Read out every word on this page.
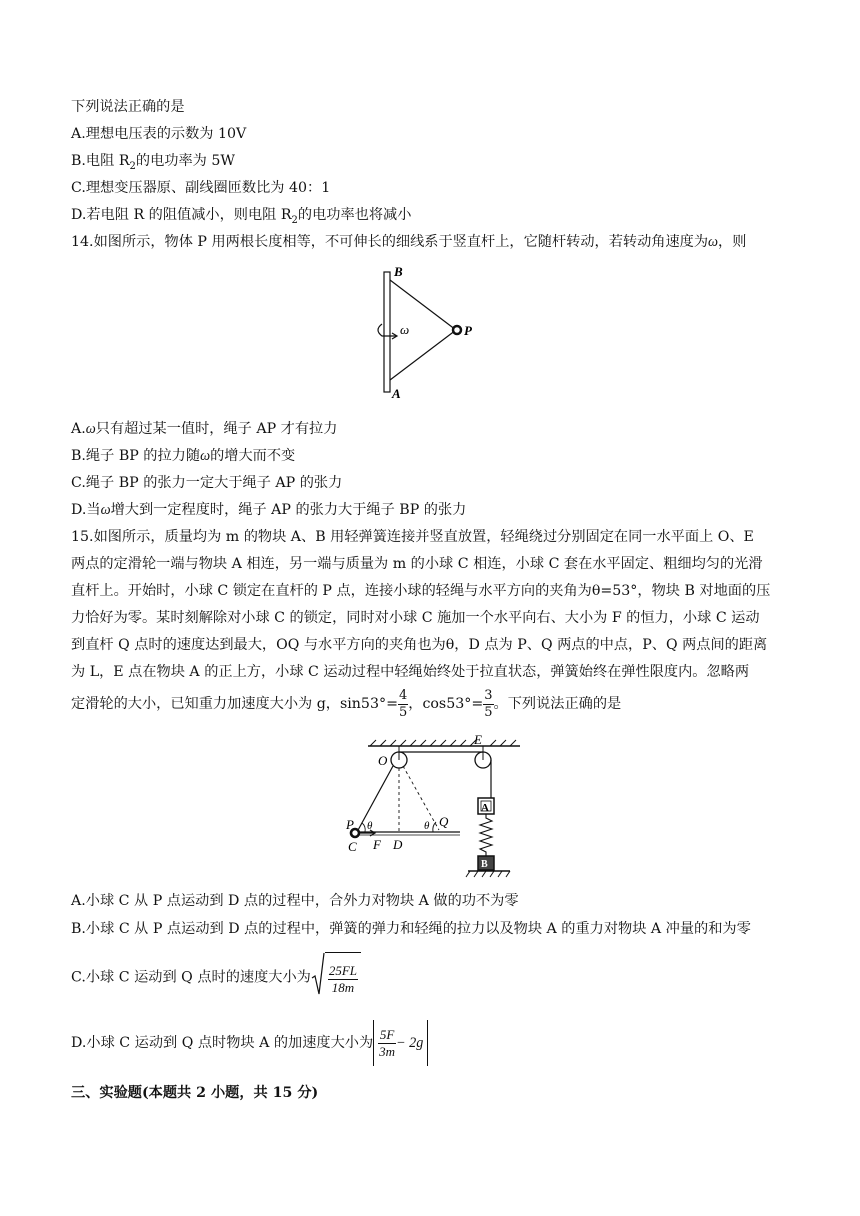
下列说法正确的是
A.理想电压表的示数为 10V
B.电阻 $R_2$的电功率为 5W
C.理想变压器原、副线圈匝数比为 40：1
D.若电阻 R 的阻值减小，则电阻 $R_2$的电功率也将减小
14.如图所示，物体 P 用两根长度相等，不可伸长的细线系于竖直杆上，它随杆转动，若转动角速度为ω，则
B
A
P
ω
A.ω只有超过某一值时，绳子 AP 才有拉力
B.绳子 BP 的拉力随ω的增大而不变
C.绳子 BP 的张力一定大于绳子 AP 的张力
D.当ω增大到一定程度时，绳子 AP 的张力大于绳子 BP 的张力
15.如图所示，质量均为 m 的物块 A、B 用轻弹簧连接并竖直放置，轻绳绕过分别固定在同一水平面上 O、E
两点的定滑轮一端与物块 A 相连，另一端与质量为 m 的小球 C 相连，小球 C 套在水平固定、粗细均匀的光滑
直杆上。开始时，小球 C 锁定在直杆的 P 点，连接小球的轻绳与水平方向的夹角为θ=53°，物块 B 对地面的压
力恰好为零。某时刻解除对小球 C 的锁定，同时对小球 C 施加一个水平向右、大小为 F 的恒力，小球 C 运动
到直杆 Q 点时的速度达到最大，OQ 与水平方向的夹角也为θ，D 点为 P、Q 两点的中点，P、Q 两点间的距离
为 L，E 点在物块 A 的正上方，小球 C 运动过程中轻绳始终处于拉直状态，弹簧始终在弹性限度内。忽略两
定滑轮的大小，已知重力加速度大小为 g，$\sin 53^\circ= \frac{4}{5}$ ，$\cos 53^\circ= \frac{3}{5}$ 。下列说法正确的是
A
B
E
O
P
C F D
Q
θ	θ
A.小球 C 从 P 点运动到 D 点的过程中，合外力对物块 A 做的功不为零
B.小球 C 从 P 点运动到 D 点的过程中，弹簧的弹力和轻绳的拉力以及物块 A 的重力对物块 A 冲量的和为零
C.小球 C 运动到 Q 点时的速度大小为 $\frac{25FL}{18m}$
D.小球 C 运动到 Q 点时物块 A 的加速度大小为 $\frac{5F}{3m} - 2g$
三、实验题(本题共 2 小题，共 15 分)
